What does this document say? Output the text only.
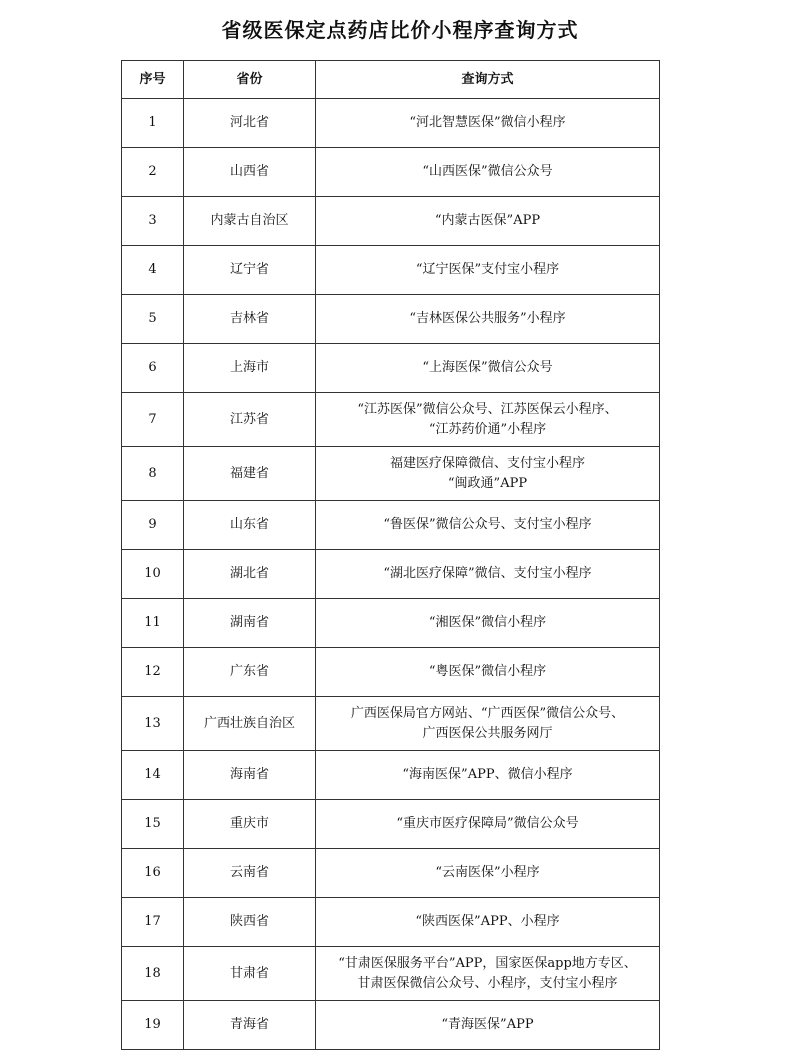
省级医保定点药店比价小程序查询方式
序号	省份	查询方式
1	河北省	“河北智慧医保”微信小程序

2	山西省	“山西医保”微信公众号

3	内蒙古自治区	“内蒙古医保”APP

4	辽宁省	“辽宁医保”支付宝小程序

5	吉林省	“吉林医保公共服务”小程序

6	上海市	“上海医保”微信公众号

7	江苏省	“江苏医保”微信公众号、江苏医保云小程序、
“江苏药价通”小程序

8	福建省	福建医疗保障微信、支付宝小程序
“闽政通”APP

9	山东省	“鲁医保”微信公众号、支付宝小程序

10	湖北省	“湖北医疗保障”微信、支付宝小程序

11	湖南省	“湘医保”微信小程序

12	广东省	“粤医保”微信小程序

13	广西壮族自治区	广西医保局官方网站、“广西医保”微信公众号、
广西医保公共服务网厅

14	海南省	“海南医保”APP、微信小程序

15	重庆市	“重庆市医疗保障局”微信公众号

16	云南省	“云南医保”小程序

17	陕西省	“陕西医保”APP、小程序

18	甘肃省	“甘肃医保服务平台”APP，国家医保app地方专区、
甘肃医保微信公众号、小程序，支付宝小程序

19	青海省	“青海医保”APP
